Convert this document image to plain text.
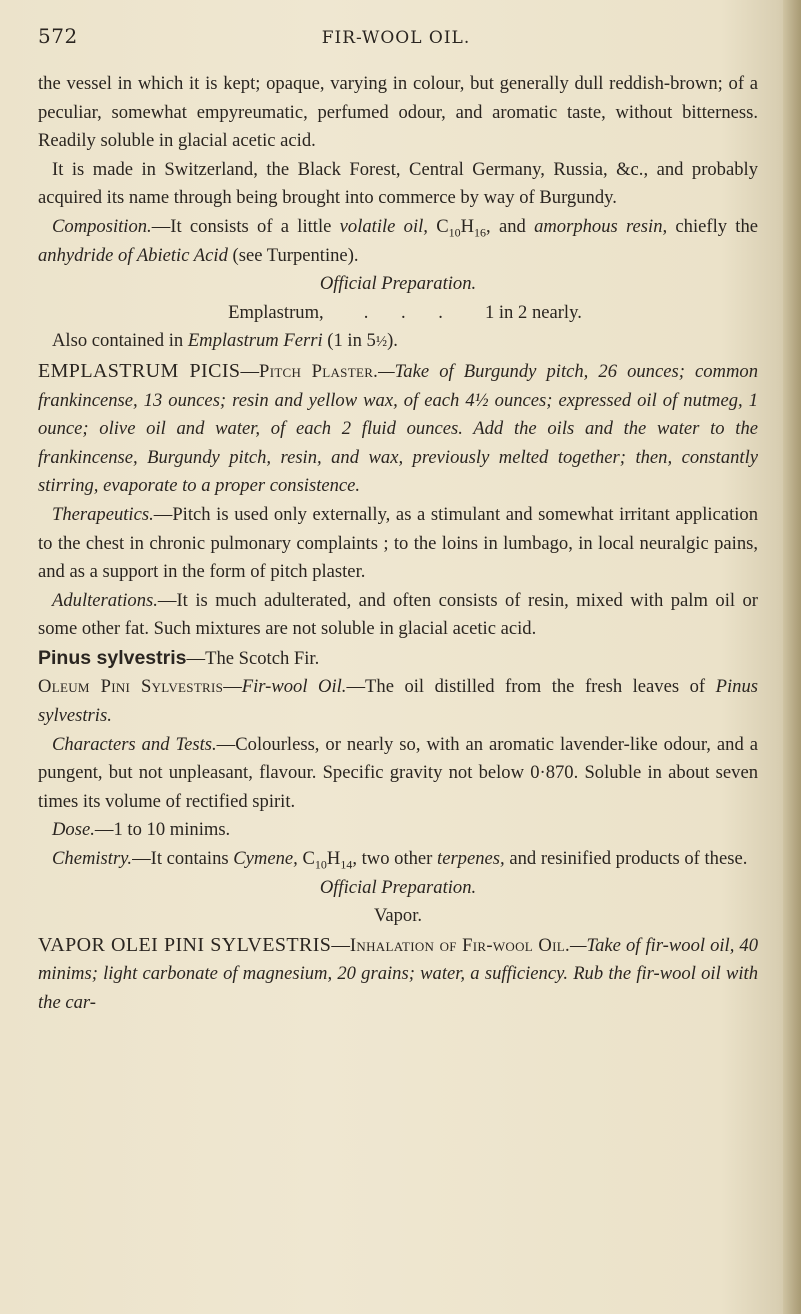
572	FIR-WOOL OIL.

the vessel in which it is kept; opaque, varying in colour, but generally dull reddish-brown; of a peculiar, somewhat empyreumatic, perfumed odour, and aromatic taste, without bitterness. Readily soluble in glacial acetic acid.

It is made in Switzerland, the Black Forest, Central Germany, Russia, &c., and probably acquired its name through being brought into commerce by way of Burgundy.

Composition.—It consists of a little volatile oil, $C_{10}H_{16}$, and amorphous resin, chiefly the anhydride of Abietic Acid (see Turpentine).

Official Preparation.

Emplastrum,	. . .	1 in 2 nearly.

Also contained in Emplastrum Ferri (1 in 5½).

EMPLASTRUM PICIS—Pitch Plaster.—Take of Burgundy pitch, 26 ounces; common frankincense, 13 ounces; resin and yellow wax, of each 4½ ounces; expressed oil of nutmeg, 1 ounce; olive oil and water, of each 2 fluid ounces. Add the oils and the water to the frankincense, Burgundy pitch, resin, and wax, previously melted together; then, constantly stirring, evaporate to a proper consistence.

Therapeutics.—Pitch is used only externally, as a stimulant and somewhat irritant application to the chest in chronic pulmonary complaints ; to the loins in lumbago, in local neuralgic pains, and as a support in the form of pitch plaster.

Adulterations.—It is much adulterated, and often consists of resin, mixed with palm oil or some other fat. Such mixtures are not soluble in glacial acetic acid.

Pinus sylvestris—The Scotch Fir.

Oleum Pini Sylvestris—Fir-wool Oil.—The oil distilled from the fresh leaves of Pinus sylvestris.

Characters and Tests.—Colourless, or nearly so, with an aromatic lavender-like odour, and a pungent, but not unpleasant, flavour. Specific gravity not below 0·870. Soluble in about seven times its volume of rectified spirit.

Dose.—1 to 10 minims.

Chemistry.—It contains Cymene, $C_{10}H_{14}$, two other terpenes, and resinified products of these.

Official Preparation.

Vapor.

VAPOR OLEI PINI SYLVESTRIS—Inhalation of Fir-wool Oil.—Take of fir-wool oil, 40 minims; light carbonate of magnesium, 20 grains; water, a sufficiency. Rub the fir-wool oil with the car-
